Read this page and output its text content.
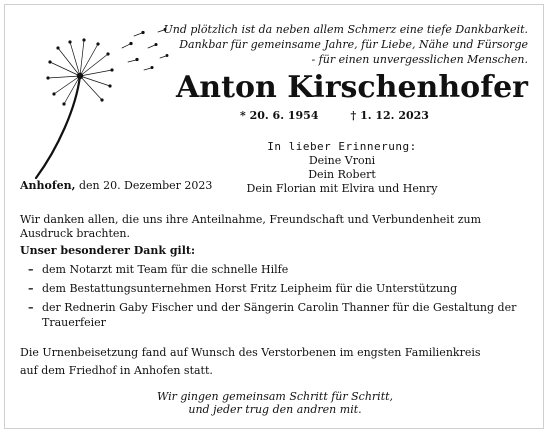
Und plötzlich ist da neben allem Schmerz eine tiefe Dankbarkeit.
Dankbar für gemeinsame Jahre, für Liebe, Nähe und Fürsorge
- für einen unvergesslichen Menschen.
Anton Kirschenhofer
* 20. 6. 1954	† 1. 12. 2023
In lieber Erinnerung:
Deine Vroni
Dein Robert
Dein Florian mit Elvira und Henry
Anhofen, den 20. Dezember 2023

Wir danken allen, die uns ihre Anteilnahme, Freundschaft und Verbundenheit zum Ausdruck brachten.

Unser besonderer Dank gilt:
– dem Notarzt mit Team für die schnelle Hilfe
– dem Bestattungsunternehmen Horst Fritz Leipheim für die Unterstützung
– der Rednerin Gaby Fischer und der Sängerin Carolin Thanner für die Gestaltung der Trauerfeier
Die Urnenbeisetzung fand auf Wunsch des Verstorbenen im engsten Familienkreis
auf dem Friedhof in Anhofen statt.
Wir gingen gemeinsam Schritt für Schritt,
und jeder trug den andren mit.
